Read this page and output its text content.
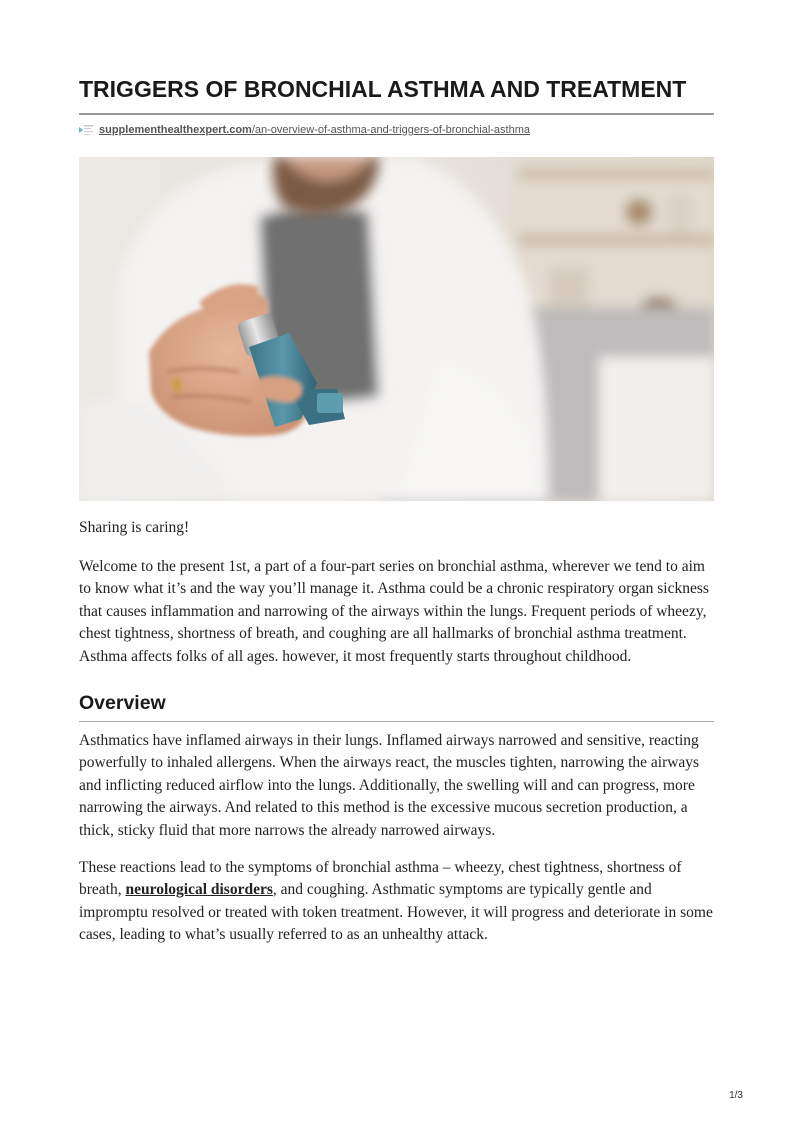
TRIGGERS OF BRONCHIAL ASTHMA AND TREATMENT
supplementhealthexpert.com/an-overview-of-asthma-and-triggers-of-bronchial-asthma

Sharing is caring!

Welcome to the present 1st, a part of a four-part series on bronchial asthma, wherever we tend to aim to know what it’s and the way you’ll manage it. Asthma could be a chronic respiratory organ sickness that causes inflammation and narrowing of the airways within the lungs. Frequent periods of wheezy, chest tightness, shortness of breath, and coughing are all hallmarks of bronchial asthma treatment.
Asthma affects folks of all ages. however, it most frequently starts throughout childhood.

Overview

Asthmatics have inflamed airways in their lungs. Inflamed airways narrowed and sensitive, reacting powerfully to inhaled allergens. When the airways react, the muscles tighten, narrowing the airways and inflicting reduced airflow into the lungs. Additionally, the swelling will and can progress, more narrowing the airways. And related to this method is the excessive mucous secretion production, a thick, sticky fluid that more narrows the already narrowed airways.

These reactions lead to the symptoms of bronchial asthma – wheezy, chest tightness, shortness of breath, neurological disorders, and coughing. Asthmatic symptoms are typically gentle and impromptu resolved or treated with token treatment. However, it will progress and deteriorate in some cases, leading to what’s usually referred to as an unhealthy attack.

1/3
